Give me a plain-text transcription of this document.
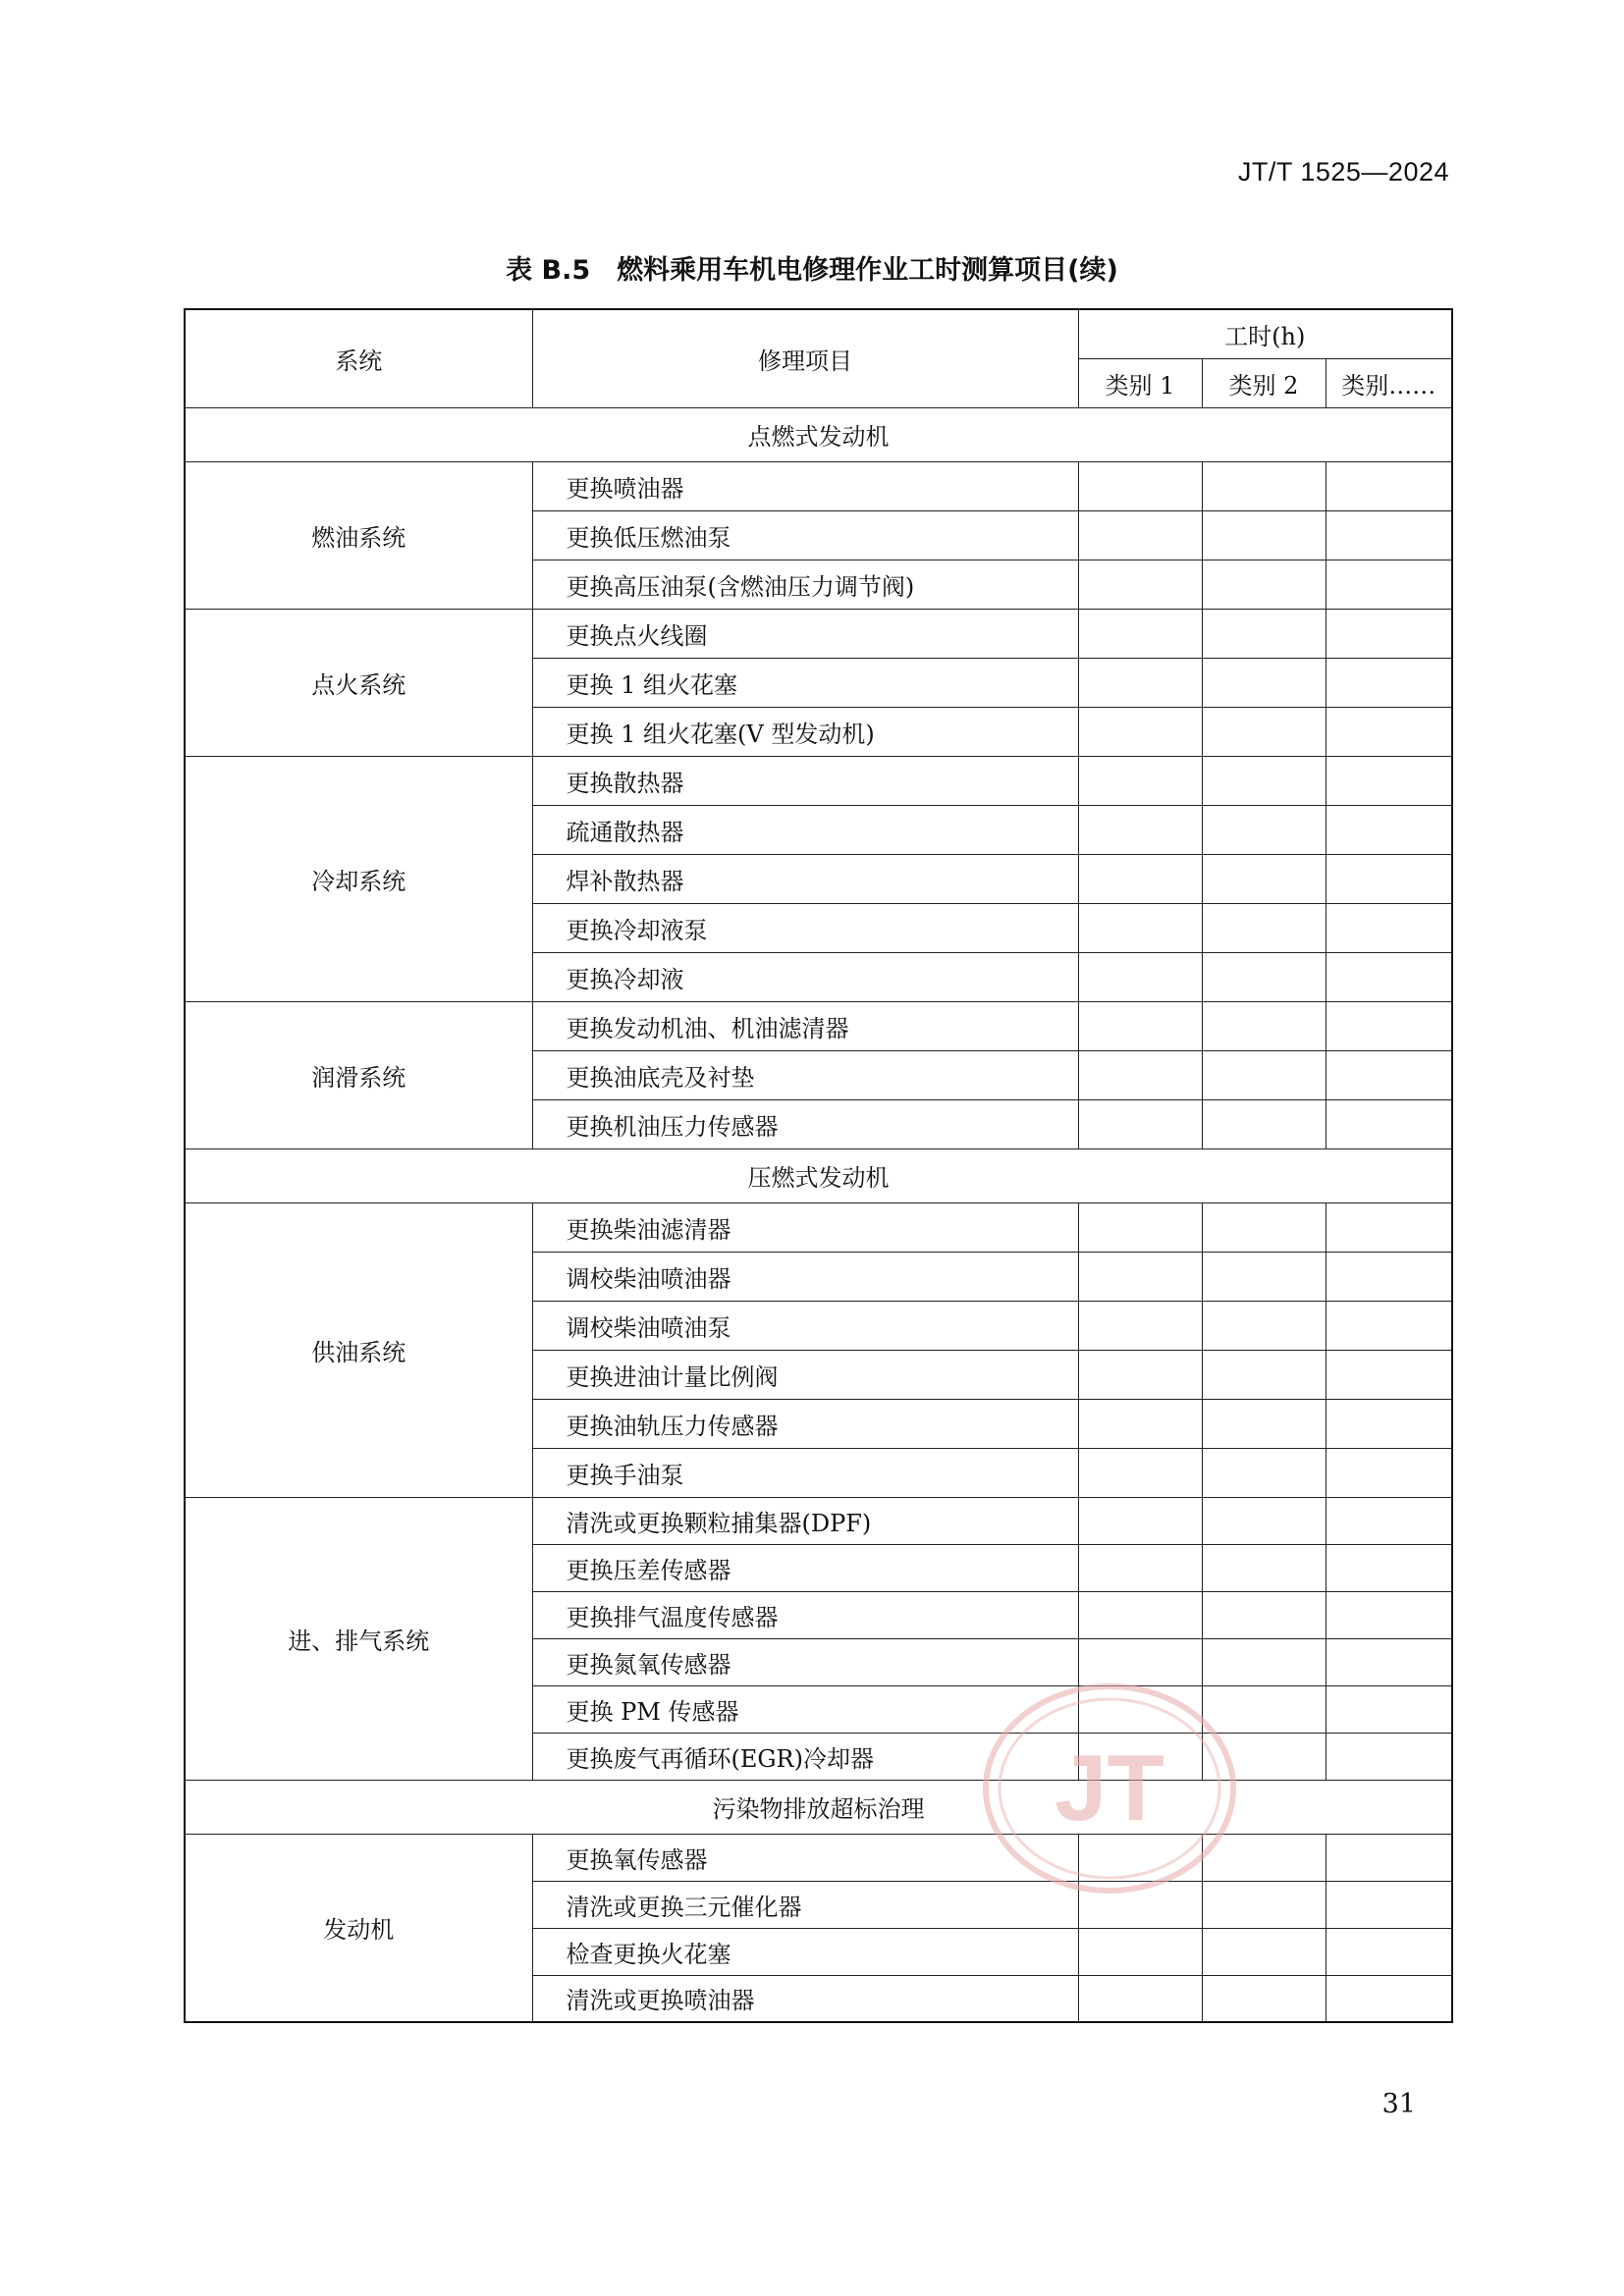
JT/T 1525—2024
表 B.5　燃料乘用车机电修理作业工时测算项目(续)
系统	修理项目	工时(h)		
		类别 1	类别 2	类别……
点燃式发动机				
燃油系统	更换喷油器			
	更换低压燃油泵			
	更换高压油泵(含燃油压力调节阀)			
点火系统	更换点火线圈			
	更换 1 组火花塞			
	更换 1 组火花塞(V 型发动机)			
冷却系统	更换散热器			
	疏通散热器			
	焊补散热器			
	更换冷却液泵			
	更换冷却液			
润滑系统	更换发动机油、机油滤清器			
	更换油底壳及衬垫			
	更换机油压力传感器			
压燃式发动机				
供油系统	更换柴油滤清器			
	调校柴油喷油器			
	调校柴油喷油泵			
	更换进油计量比例阀			
	更换油轨压力传感器			
	更换手油泵			
进、排气系统	清洗或更换颗粒捕集器(DPF)			
	更换压差传感器			
	更换排气温度传感器			
	更换氮氧传感器			
	更换 PM 传感器			
	更换废气再循环(EGR)冷却器			
污染物排放超标治理				
发动机	更换氧传感器			
	清洗或更换三元催化器			
	检查更换火花塞			
	清洗或更换喷油器			
JT
31
